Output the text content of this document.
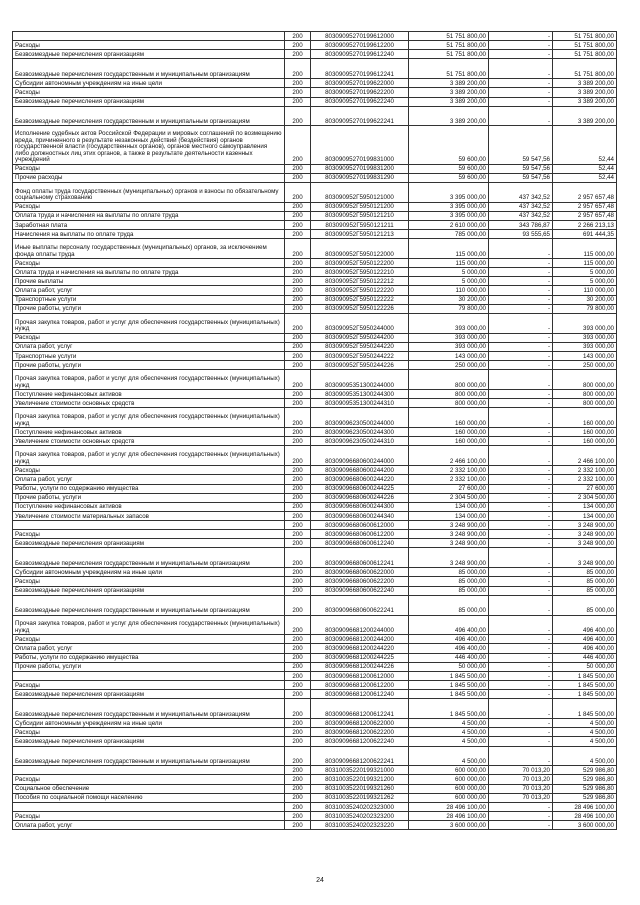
	200	80309095270199612000	51 751 800,00	-	51 751 800,00
Расходы	200	80309095270199612200	51 751 800,00	-	51 751 800,00
Безвозмездные перечисления организациям	200	80309095270199612240	51 751 800,00	-	51 751 800,00
Безвозмездные перечисления государственным и муниципальным организациям	200	80309095270199612241	51 751 800,00	-	51 751 800,00
Субсидии автономным учреждениям на иные цели	200	80309095270199622000	3 389 200,00	-	3 389 200,00
Расходы	200	80309095270199622200	3 389 200,00	-	3 389 200,00
Безвозмездные перечисления организациям	200	80309095270199622240	3 389 200,00	-	3 389 200,00
Безвозмездные перечисления государственным и муниципальным организациям	200	80309095270199622241	3 389 200,00	-	3 389 200,00
Исполнение судебных актов Российской Федерации и мировых соглашений по возмещению вреда, причиненного в результате незаконных действий (бездействия) органов государственной власти (государственных органов), органов местного самоуправления либо должностных лиц этих органов, а также в результате деятельности казенных учреждений	200	80309095270199831000	59 600,00	59 547,56	52,44
Расходы	200	80309095270199831200	59 600,00	59 547,56	52,44
Прочие расходы	200	80309095270199831290	59 600,00	59 547,56	52,44
Фонд оплаты труда государственных (муниципальных) органов и взносы по обязательному социальному страхованию	200	803090952Г5950121000	3 395 000,00	437 342,52	2 957 657,48
Расходы	200	803090952Г5950121200	3 395 000,00	437 342,52	2 957 657,48
Оплата труда и начисления на выплаты по оплате труда	200	803090952Г5950121210	3 395 000,00	437 342,52	2 957 657,48
Заработная плата	200	803090952Г5950121211	2 610 000,00	343 786,87	2 266 213,13
Начисления на выплаты по оплате труда	200	803090952Г5950121213	785 000,00	93 555,65	691 444,35
Иные выплаты персоналу государственных (муниципальных) органов, за исключением фонда оплаты труда	200	803090952Г5950122000	115 000,00	-	115 000,00
Расходы	200	803090952Г5950122200	115 000,00	-	115 000,00
Оплата труда и начисления на выплаты по оплате труда	200	803090952Г5950122210	5 000,00	-	5 000,00
Прочие выплаты	200	803090952Г5950122212	5 000,00	-	5 000,00
Оплата работ, услуг	200	803090952Г5950122220	110 000,00	-	110 000,00
Транспортные услуги	200	803090952Г5950122222	30 200,00	-	30 200,00
Прочие работы, услуги	200	803090952Г5950122226	79 800,00	-	79 800,00
Прочая закупка товаров, работ и услуг для обеспечения государственных (муниципальных) нужд	200	803090952Г5950244000	393 000,00	-	393 000,00
Расходы	200	803090952Г5950244200	393 000,00	-	393 000,00
Оплата работ, услуг	200	803090952Г5950244220	393 000,00	-	393 000,00
Транспортные услуги	200	803090952Г5950244222	143 000,00	-	143 000,00
Прочие работы, услуги	200	803090952Г5950244226	250 000,00	-	250 000,00
Прочая закупка товаров, работ и услуг для обеспечения государственных (муниципальных) нужд	200	80309095351300244000	800 000,00	-	800 000,00
Поступление нефинансовых активов	200	80309095351300244300	800 000,00	-	800 000,00
Увеличение стоимости основных средств	200	80309095351300244310	800 000,00	-	800 000,00
Прочая закупка товаров, работ и услуг для обеспечения государственных (муниципальных) нужд	200	80309096230500244000	160 000,00	-	160 000,00
Поступление нефинансовых активов	200	80309096230500244300	160 000,00	-	160 000,00
Увеличение стоимости основных средств	200	80309096230500244310	160 000,00	-	160 000,00
Прочая закупка товаров, работ и услуг для обеспечения государственных (муниципальных) нужд	200	80309096680600244000	2 466 100,00	-	2 466 100,00
Расходы	200	80309096680600244200	2 332 100,00	-	2 332 100,00
Оплата работ, услуг	200	80309096680600244220	2 332 100,00	-	2 332 100,00
Работы, услуги по содержанию имущества	200	80309096680600244225	27 600,00	-	27 600,00
Прочие работы, услуги	200	80309096680600244226	2 304 500,00	-	2 304 500,00
Поступление нефинансовых активов	200	80309096680600244300	134 000,00	-	134 000,00
Увеличение стоимости материальных запасов	200	80309096680600244340	134 000,00	-	134 000,00
	200	80309096680600612000	3 248 900,00	-	3 248 900,00
Расходы	200	80309096680600612200	3 248 900,00	-	3 248 900,00
Безвозмездные перечисления организациям	200	80309096680600612240	3 248 900,00	-	3 248 900,00
Безвозмездные перечисления государственным и муниципальным организациям	200	80309096680600612241	3 248 900,00	-	3 248 900,00
Субсидии автономным учреждениям на иные цели	200	80309096680600622000	85 000,00	-	85 000,00
Расходы	200	80309096680600622200	85 000,00	-	85 000,00
Безвозмездные перечисления организациям	200	80309096680600622240	85 000,00	-	85 000,00
Безвозмездные перечисления государственным и муниципальным организациям	200	80309096680600622241	85 000,00	-	85 000,00
Прочая закупка товаров, работ и услуг для обеспечения государственных (муниципальных) нужд	200	80309096681200244000	496 400,00	-	496 400,00
Расходы	200	80309096681200244200	496 400,00	-	496 400,00
Оплата работ, услуг	200	80309096681200244220	496 400,00	-	496 400,00
Работы, услуги по содержанию имущества	200	80309096681200244225	446 400,00	-	446 400,00
Прочие работы, услуги	200	80309096681200244226	50 000,00	-	50 000,00
	200	80309096681200612000	1 845 500,00	-	1 845 500,00
Расходы	200	80309096681200612200	1 845 500,00	-	1 845 500,00
Безвозмездные перечисления организациям	200	80309096681200612240	1 845 500,00	-	1 845 500,00
Безвозмездные перечисления государственным и муниципальным организациям	200	80309096681200612241	1 845 500,00	-	1 845 500,00
Субсидии автономным учреждениям на иные цели	200	80309096681200622000	4 500,00	-	4 500,00
Расходы	200	80309096681200622200	4 500,00	-	4 500,00
Безвозмездные перечисления организациям	200	80309096681200622240	4 500,00	-	4 500,00
Безвозмездные перечисления государственным и муниципальным организациям	200	80309096681200622241	4 500,00	-	4 500,00
	200	80310035220199321000	600 000,00	70 013,20	529 986,80
Расходы	200	80310035220199321200	600 000,00	70 013,20	529 986,80
Социальное обеспечение	200	80310035220199321260	600 000,00	70 013,20	529 986,80
Пособия по социальной помощи населению	200	80310035220199321262	600 000,00	70 013,20	529 986,80
	200	80310035240202323000	28 496 100,00	-	28 496 100,00
Расходы	200	80310035240202323200	28 496 100,00	-	28 496 100,00
Оплата работ, услуг	200	80310035240202323220	3 600 000,00	-	3 600 000,00
24
